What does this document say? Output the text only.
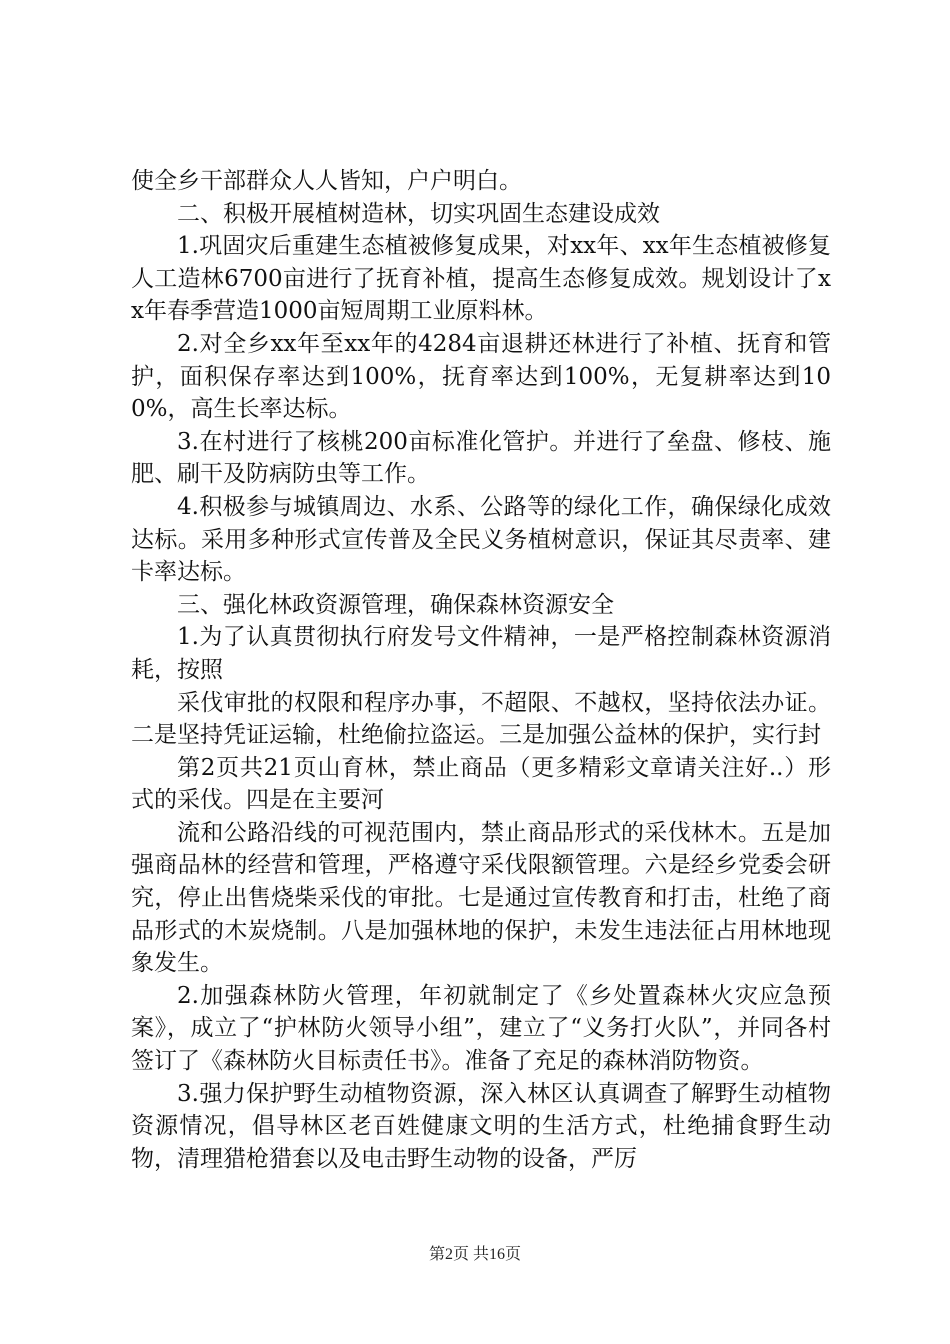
使全乡干部群众人人皆知，户户明白。

二、积极开展植树造林，切实巩固生态建设成效

1.巩固灾后重建生态植被修复成果，对xx年、xx年生态植被修复人工造林6700亩进行了抚育补植，提高生态修复成效。规划设计了xx年春季营造1000亩短周期工业原料林。

2.对全乡xx年至xx年的4284亩退耕还林进行了补植、抚育和管护，面积保存率达到100%，抚育率达到100%，无复耕率达到100%，高生长率达标。

3.在村进行了核桃200亩标准化管护。并进行了垒盘、修枝、施肥、刷干及防病防虫等工作。

4.积极参与城镇周边、水系、公路等的绿化工作，确保绿化成效达标。采用多种形式宣传普及全民义务植树意识，保证其尽责率、建卡率达标。

三、强化林政资源管理，确保森林资源安全

1.为了认真贯彻执行府发号文件精神，一是严格控制森林资源消耗，按照

采伐审批的权限和程序办事，不超限、不越权，坚持依法办证。二是坚持凭证运输，杜绝偷拉盗运。三是加强公益林的保护，实行封

第2页共21页山育林，禁止商品（更多精彩文章请关注好..）形式的采伐。四是在主要河

流和公路沿线的可视范围内，禁止商品形式的采伐林木。五是加强商品林的经营和管理，严格遵守采伐限额管理。六是经乡党委会研究，停止出售烧柴采伐的审批。七是通过宣传教育和打击，杜绝了商品形式的木炭烧制。八是加强林地的保护，未发生违法征占用林地现象发生。

2.加强森林防火管理，年初就制定了《乡处置森林火灾应急预案》，成立了“护林防火领导小组”，建立了“义务打火队”，并同各村签订了《森林防火目标责任书》。准备了充足的森林消防物资。

3.强力保护野生动植物资源，深入林区认真调查了解野生动植物资源情况，倡导林区老百姓健康文明的生活方式，杜绝捕食野生动物，清理猎枪猎套以及电击野生动物的设备，严厉

第2页 共16页
